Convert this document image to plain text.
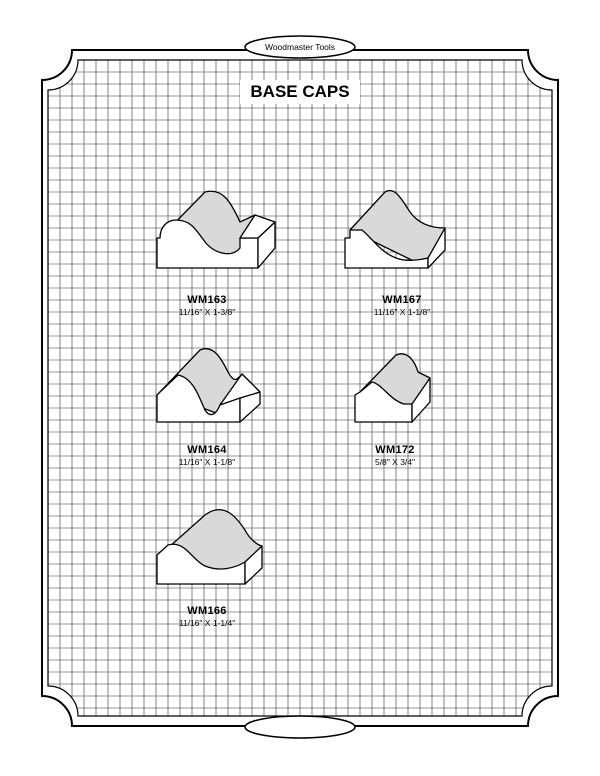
Woodmaster Tools
BASE CAPS
WM163
11/16" X 1-3/8"
WM167
11/16" X 1-1/8"
WM164
11/16" X 1-1/8"
WM172
5/8" X 3/4"
WM166
11/16" X 1-1/4"
